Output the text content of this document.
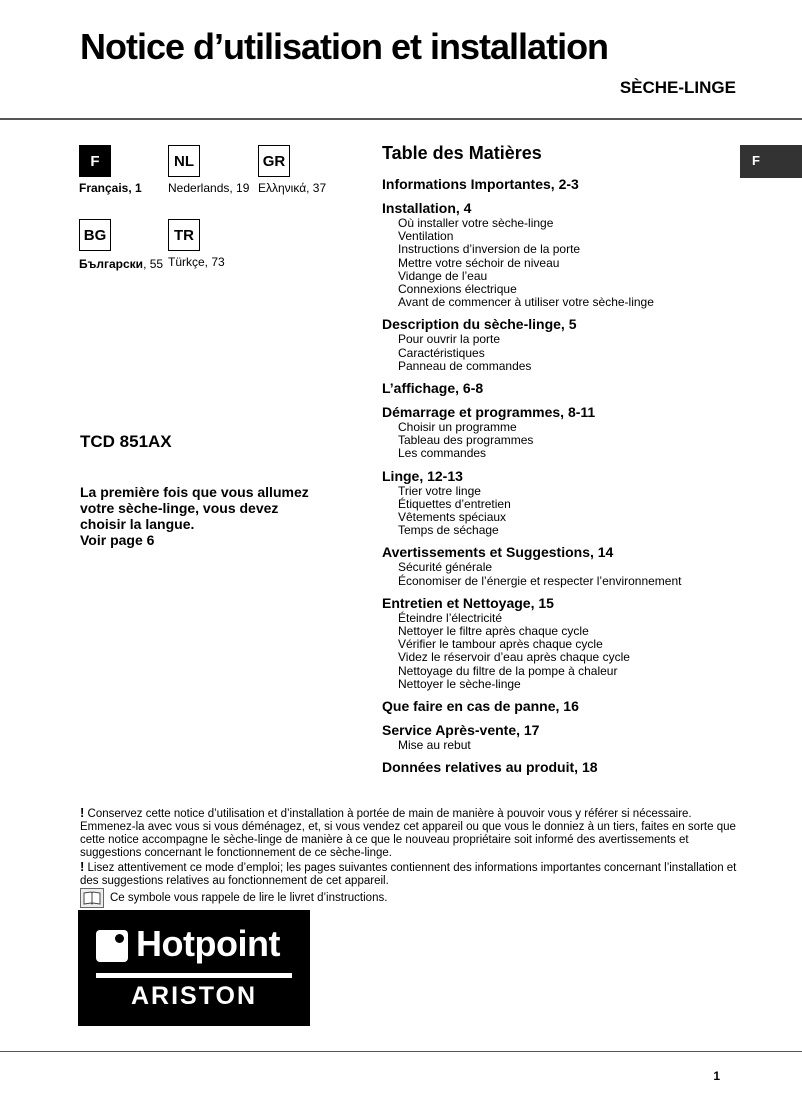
Notice d’utilisation et installation
SÈCHE-LINGE
F
F
Français, 1
NL
Nederlands, 19
GR
Ελληνικά, 37
BG
Български, 55
TR
Türkçe, 73
TCD 851AX
La première fois que vous allumez
votre sèche-linge, vous devez
choisir la langue.
Voir page 6
Table des Matières
Informations Importantes, 2-3
Installation, 4
Où installer votre sèche-linge
Ventilation
Instructions d’inversion de la porte
Mettre votre séchoir de niveau
Vidange de l’eau
Connexions électrique
Avant de commencer à utiliser votre sèche-linge
Description du sèche-linge, 5
Pour ouvrir la porte
Caractéristiques
Panneau de commandes
L’affichage, 6-8
Démarrage et programmes, 8-11
Choisir un programme
Tableau des programmes
Les commandes
Linge, 12-13
Trier votre linge
Étiquettes d’entretien
Vêtements spéciaux
Temps de séchage
Avertissements et Suggestions, 14
Sécurité générale
Économiser de l’énergie et respecter l’environnement
Entretien et Nettoyage, 15
Éteindre l’électricité
Nettoyer le filtre après chaque cycle
Vérifier le tambour après chaque cycle
Videz le réservoir d’eau après chaque cycle
Nettoyage du filtre de la pompe à chaleur
Nettoyer le sèche-linge
Que faire en cas de panne, 16
Service Après-vente, 17
Mise au rebut
Données relatives au produit, 18
! Conservez cette notice d’utilisation et d’installation à portée de main de manière à pouvoir vous y référer si nécessaire. Emmenez-la avec vous si vous déménagez, et, si vous vendez cet appareil ou que vous le donniez à un tiers, faites en sorte que cette notice accompagne le sèche-linge de manière à ce que le nouveau propriétaire soit informé des avertissements et suggestions concernant le fonctionnement de ce sèche-linge.
! Lisez attentivement ce mode d’emploi; les pages suivantes contiennent des informations importantes concernant l’installation et des suggestions relatives au fonctionnement de cet appareil.
Ce symbole vous rappele de lire le livret d’instructions.
Hotpoint
ARISTON
1
